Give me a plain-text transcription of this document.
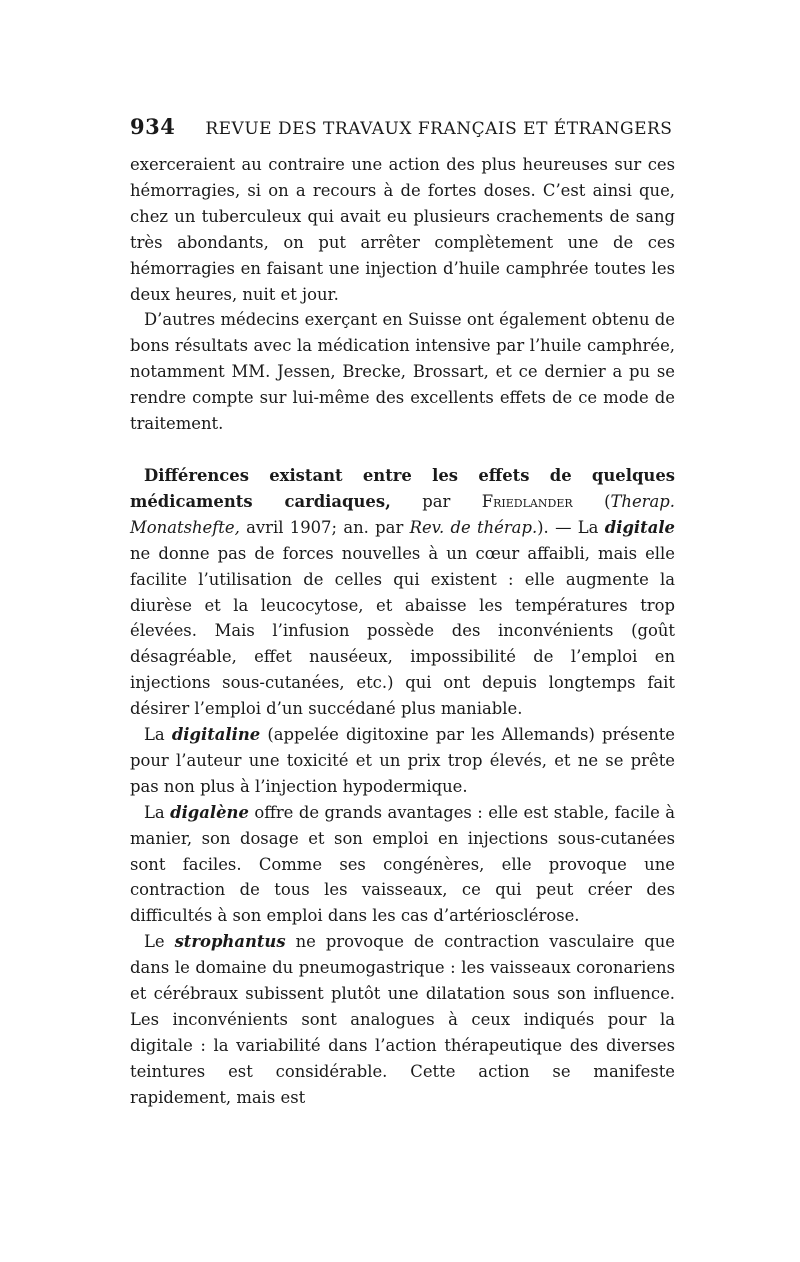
934 REVUE DES TRAVAUX FRANÇAIS ET ÉTRANGERS

exerceraient au contraire une action des plus heureuses sur ces hémorragies, si on a recours à de fortes doses. C’est ainsi que, chez un tuberculeux qui avait eu plusieurs crachements de sang très abondants, on put arrêter complètement une de ces hémorragies en faisant une injection d’huile camphrée toutes les deux heures, nuit et jour.

D’autres médecins exerçant en Suisse ont également obtenu de bons résultats avec la médication intensive par l’huile camphrée, notamment MM. Jessen, Brecke, Brossart, et ce dernier a pu se rendre compte sur lui-même des excellents effets de ce mode de traitement.

Différences existant entre les effets de quelques médicaments cardiaques, par Friedlander (Therap. Monatshefte, avril 1907; an. par Rev. de thérap.). — La digitale ne donne pas de forces nouvelles à un cœur affaibli, mais elle facilite l’utilisation de celles qui existent : elle augmente la diurèse et la leucocytose, et abaisse les températures trop élevées. Mais l’infusion possède des inconvénients (goût désagréable, effet nauséeux, impossibilité de l’emploi en injections sous-cutanées, etc.) qui ont depuis longtemps fait désirer l’emploi d’un succédané plus maniable.

La digitaline (appelée digitoxine par les Allemands) présente pour l’auteur une toxicité et un prix trop élevés, et ne se prête pas non plus à l’injection hypodermique.

La digalène offre de grands avantages : elle est stable, facile à manier, son dosage et son emploi en injections sous-cutanées sont faciles. Comme ses congénères, elle provoque une contraction de tous les vaisseaux, ce qui peut créer des difficultés à son emploi dans les cas d’artériosclérose.

Le strophantus ne provoque de contraction vasculaire que dans le domaine du pneumogastrique : les vaisseaux coronariens et cérébraux subissent plutôt une dilatation sous son influence. Les inconvénients sont analogues à ceux indiqués pour la digitale : la variabilité dans l’action thérapeutique des diverses teintures est considérable. Cette action se manifeste rapidement, mais est
